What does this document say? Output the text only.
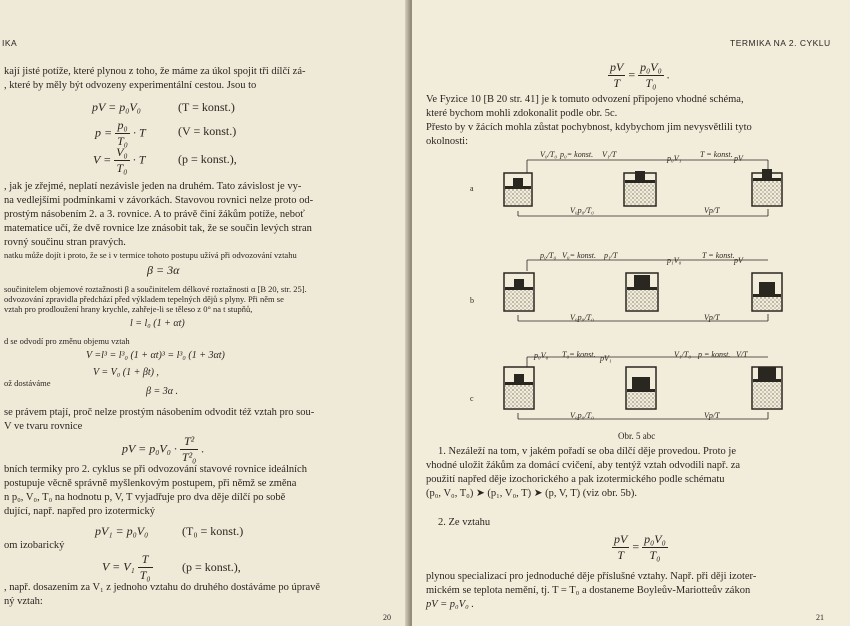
IKA
kají jisté potíže, které plynou z toho, že máme za úkol spojit tři dílčí zá-
, které by měly být odvozeny experimentální cestou. Jsou to
pV = p₀V₀	(T = konst.)
$p = \frac{\text{p₀}}{\text{T₀}} \cdot T$	(V = konst.)
$V = \frac{\text{V₀}}{\text{T₀}} \cdot T$	(p = konst.),
, jak je zřejmé, neplatí nezávisle jeden na druhém. Tato závislost je vy-
na vedlejšími podmínkami v závorkách. Stavovou rovnici nelze proto od-
prostým násobením 2. a 3. rovnice. A to právě činí žákům potíže, neboť
matematice učí, že dvě rovnice lze znásobit tak, že se součin levých stran
rovný součinu stran pravých.
natku může dojít i proto, že se i v termice tohoto postupu užívá při odvozování vztahu
β = 3α
součinitelem objemové roztažnosti β a součinitelem délkové roztažnosti α [B 20, str. 25].
odvozování zpravidla předchází před výkladem tepelných dějů s plyny. Při něm se
vztah pro prodloužení hrany krychle, zahřeje-li se těleso z 0° na t stupňů,
l = l₀ (1 + αt)
d se odvodí pro změnu objemu vztah
V =l³ = l³₀ (1 + αt)³ = l³₀ (1 + 3αt)
V = V₀ (1 + βt) ,
ož dostáváme
β = 3α .
se právem ptají, proč nelze prostým násobením odvodit též vztah pro sou-
V ve tvaru rovnice
pV = $p_0V_0 \cdot \frac{\text{T²}}{\text{T²₀}}$ .
bních termiky pro 2. cyklus se při odvozování stavové rovnice ideálních
postupuje věcně správně myšlenkovým postupem, při němž se změna
n p₀, V₀, T₀ na hodnotu p, V, T vyjadřuje pro dva děje dílčí po sobě
dující, např. napřed pro izotermický
pV₁ = p₀V₀	(T₀ = konst.)
om izobarický
$V = V_1 \frac{T}{\text{T₀}} (p$ = konst.),
, např. dosazením za V₁ z jednoho vztahu do druhého dostáváme po úpravě
ný vztah:
20
TERMIKA NA 2. CYKLU
$\frac{pV}{T} = \frac{\text{p₀V₀}}{\text{T₀}}$ .
Ve Fyzice 10 [B 20 str. 41] je k tomuto odvození připojeno vhodné schéma,
které bychom mohli zdokonalit podle obr. 5c.
Přesto by v žácích mohla zůstat pochybnost, kdybychom jim nevysvětlili tyto
okolnosti:
a
V₀/T₀ p₀= konst. V₁/T	p₀V₁ T = konst. pV
V₀p₀/T₀	Vp/T
b
p₀/T₀ V₀= konst. p₁/T
p₁V₀
T = konst.
pV
V₀p₀/T₀	Vp/T
c
p₀V₀ T₀= konst. pV₁	V₁/T₀ p = konst. V/T
V₀p₀/T₀	Vp/T
Obr. 5 abc
1. Nezáleží na tom, v jakém pořadí se oba dílčí děje provedou. Proto je
vhodné uložit žákům za domácí cvičení, aby tentýž vztah odvodili např. za
použití napřed děje izochorického a pak izotermického podle schématu
(p₀, V₀, T₀) ➤ (p₁, V₀, T) ➤ (p, V, T) (viz obr. 5b).
2. Ze vztahu
$\frac{pV}{T} = \frac{\text{p₀V₀}}{\text{T₀}}$
plynou specializací pro jednoduché děje příslušné vztahy. Např. při ději izoter-
mickém se teplota nemění, tj. T = T₀ a dostaneme Boyleův-Mariotteův zákon
pV = p₀V₀ .
21
